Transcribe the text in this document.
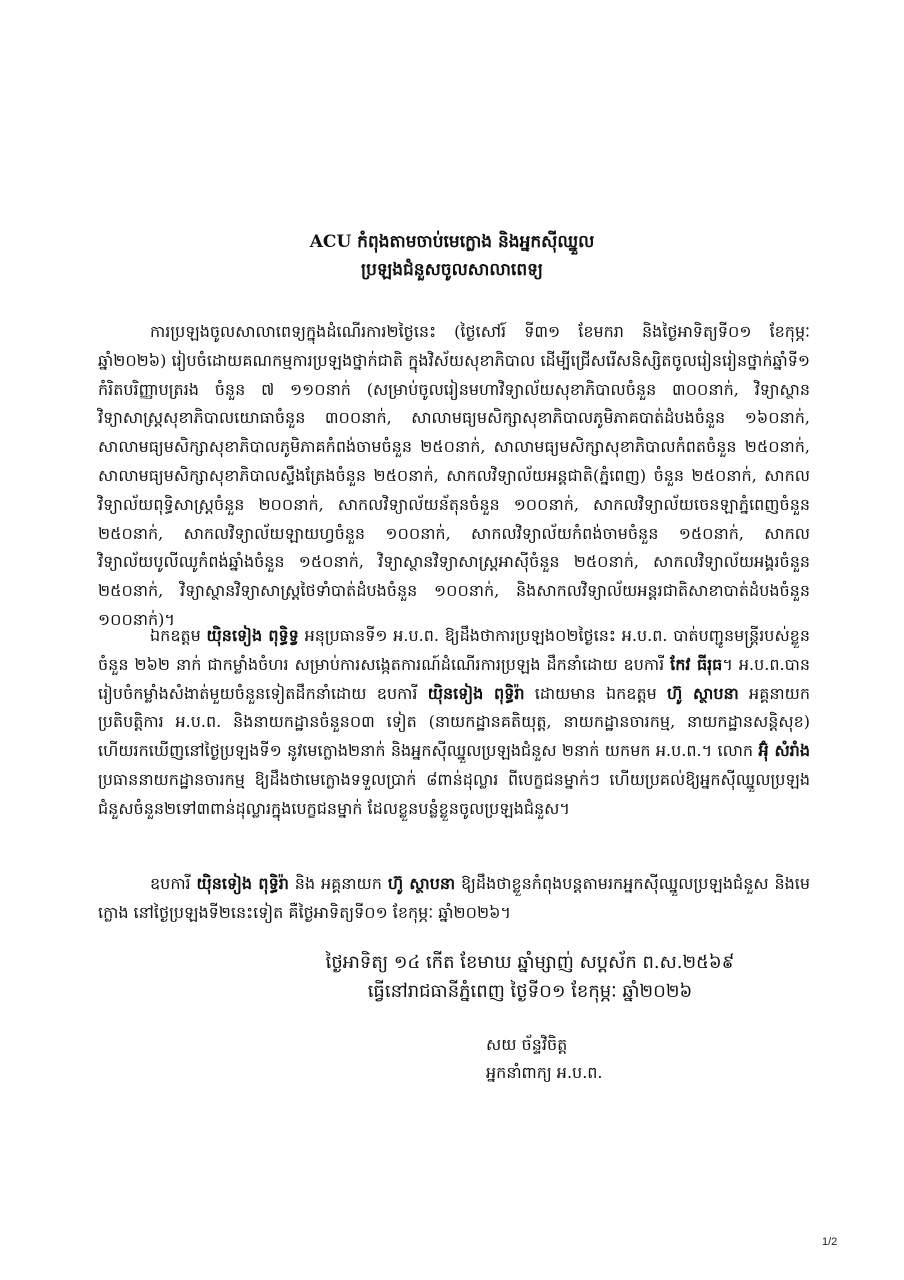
ACU កំពុងតាមចាប់មេក្លោង និងអ្នកស៊ីឈ្នួល
ប្រឡងជំនួសចូលសាលាពេទ្យ

ការប្រឡងចូលសាលាពេទ្យក្នុងដំណើរការ២ថ្ងៃនេះ (ថ្ងៃសៅរ៍ ទី៣១ ខែមករា និងថ្ងៃអាទិត្យទី០១ ខែកុម្ភៈ ឆ្នាំ២០២៦) រៀបចំដោយគណកម្មការប្រឡងថ្នាក់ជាតិ ក្នុងវិស័យសុខាភិបាល ដើម្បីជ្រើសរើសនិស្សិតចូលរៀនរៀនថ្នាក់ឆ្នាំទី១ កំរិតបរិញ្ញាបត្ររង ចំនួន ៧ ១១០នាក់ (សម្រាប់ចូលរៀនមហាវិទ្យាល័យសុខាភិបាលចំនួន ៣០០នាក់, វិទ្យាស្ថានវិទ្យាសាស្ត្រសុខាភិបាលយោធាចំនួន ៣០០នាក់, សាលាមធ្យមសិក្សាសុខាភិបាលភូមិភាគបាត់ដំបងចំនួន ១៦០នាក់, សាលាមធ្យមសិក្សាសុខាភិបាលភូមិភាគកំពង់ចាមចំនួន ២៥០នាក់, សាលាមធ្យមសិក្សាសុខាភិបាលកំពតចំនួន ២៥០នាក់, សាលាមធ្យមសិក្សាសុខាភិបាលស្ទឹងត្រែងចំនួន ២៥០នាក់, សាកលវិទ្យាល័យអន្តជាតិ(ភ្នំពេញ) ចំនួន ២៥០នាក់, សាកលវិទ្យាល័យពុទ្ធិសាស្ត្រចំនួន ២០០នាក់, សាកលវិទ្យាល័យន័តុនចំនួន ១០០នាក់, សាកលវិទ្យាល័យចេនឡាភ្នំពេញចំនួន ២៥០នាក់, សាកលវិទ្យាល័យឡាយហ្វចំនួន ១០០នាក់, សាកលវិទ្យាល័យកំពង់ចាមចំនួន ១៥០នាក់, សាកលវិទ្យាល័យបូលីឈូកំពង់ឆ្នាំងចំនួន ១៥០នាក់, វិទ្យាស្ថានវិទ្យាសាស្ត្រអាស៊ីចំនួន ២៥០នាក់, សាកលវិទ្យាល័យអង្គរចំនួន ២៥០នាក់, វិទ្យាស្ថានវិទ្យាសាស្ត្រថៃទាំបាត់ដំបងចំនួន ១០០នាក់, និងសាកលវិទ្យាល័យអន្តរជាតិសាខាបាត់ដំបងចំនួន ១០០នាក់)។

ឯកឧត្តម យ៉ិនទៀង ពុទ្ធិទ្វ អនុប្រធានទី១ អ.ប.ព. ឱ្យដឹងថាការប្រឡង០២ថ្ងៃនេះ អ.ប.ព. បាត់បញ្ជូនមន្ត្រីរបស់ខ្លួនចំនួន ២៦២ នាក់ ជាកម្លាំងចំហរ សម្រាប់ការសង្កេតការណ៍ដំណើរការប្រឡង ដឹកនាំដោយ ឧបការី កែវ ធីរុធ។ អ.ប.ព.បានរៀបចំកម្លាំងសំងាត់មួយចំនួនទៀតដឹកនាំដោយ ឧបការី យ៉ិនទៀង ពុទ្ធិរ៉ា ដោយមាន ឯកឧត្តម ហ៊ូ ស្ថាបនា អគ្គនាយកប្រតិបត្តិការ អ.ប.ព. និងនាយកដ្ឋានចំនួន០៣ ទៀត (នាយកដ្ឋានគតិយុត្ត, នាយកដ្ឋានចារកម្ម, នាយកដ្ឋានសន្តិសុខ) ហើយរកឃើញនៅថ្ងៃប្រឡងទី១ នូវមេក្លោង២នាក់ និងអ្នកស៊ីឈ្នួលប្រឡងជំនួស ២នាក់ យកមក អ.ប.ព.។ លោក អ៊ុំ សំរាំង ប្រធាននាយកដ្ឋានចារកម្ម ឱ្យដឹងថាមេក្លោងទទួលប្រាក់ ៨ពាន់ដុល្លារ ពីបេក្ខជនម្នាក់ៗ ហើយប្រគល់ឱ្យអ្នកស៊ីឈ្នួលប្រឡងជំនួសចំនួន២ទៅ៣ពាន់ដុល្លារក្នុងបេក្ខជនម្នាក់ ដែលខ្លួនបន្លំខ្លួនចូលប្រឡងជំនួស។

ឧបការី យ៉ិនទៀង ពុទ្ធិរ៉ា និង អគ្គនាយក ហ៊ូ ស្ថាបនា ឱ្យដឹងថាខ្លួនកំពុងបន្តតាមរកអ្នកស៊ីឈ្នួលប្រឡងជំនួស និងមេក្លោង នៅថ្ងៃប្រឡងទី២នេះទៀត គឺថ្ងៃអាទិត្យទី០១ ខែកុម្ភៈ ឆ្នាំ២០២៦។

ថ្ងៃអាទិត្យ ១៤ កើត ខែមាឃ ឆ្នាំម្សាញ់ សប្តស័ក ព.ស.២៥៦៩
ធ្វើនៅរាជធានីភ្នំពេញ ថ្ងៃទី០១ ខែកុម្ភៈ ឆ្នាំ២០២៦
សយ ច័ន្ទវិចិត្ត
អ្នកនាំពាក្យ អ.ប.ព.
1/2
